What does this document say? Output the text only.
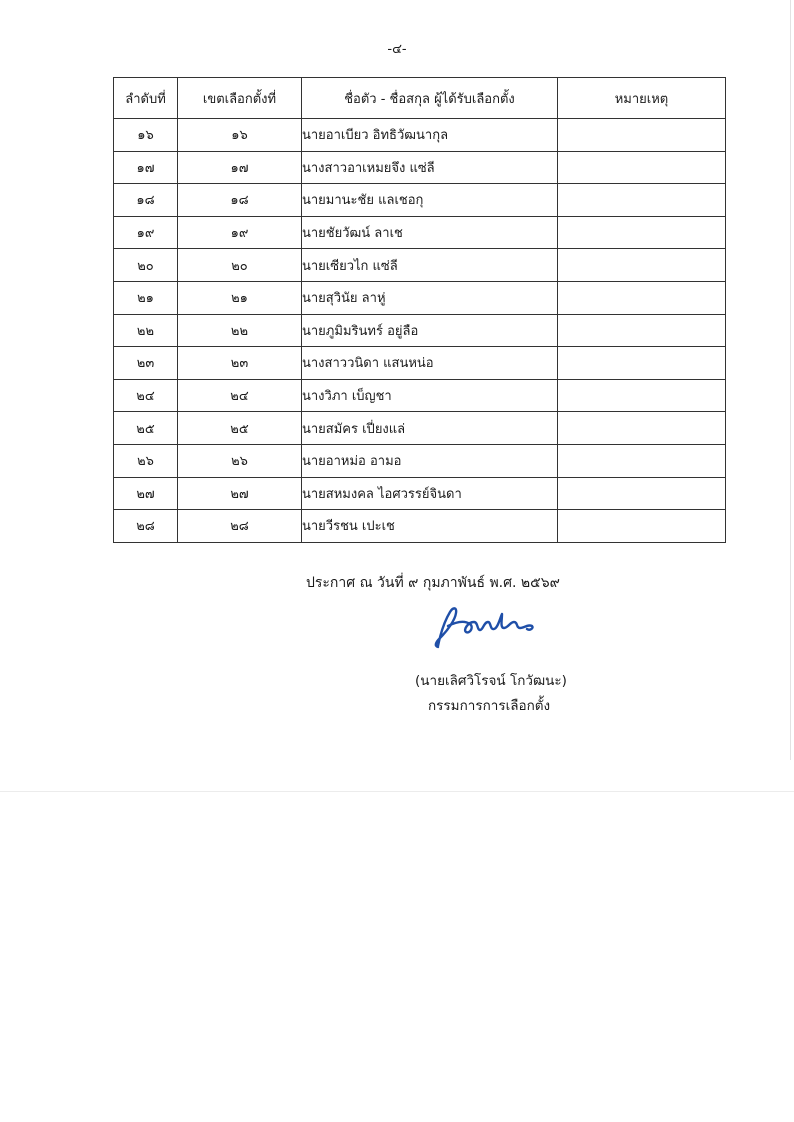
-๔-
ลำดับที่	เขตเลือกตั้งที่	ชื่อตัว - ชื่อสกุล ผู้ได้รับเลือกตั้ง	หมายเหตุ
๑๖	๑๖	นายอาเบียว อิทธิวัฒนากุล	
๑๗	๑๗	นางสาวอาเหมยจึง แซ่ลี	
๑๘	๑๘	นายมานะชัย แลเชอกุ	
๑๙	๑๙	นายชัยวัฒน์ ลาเช	
๒๐	๒๐	นายเซียวไก แซ่ลี	
๒๑	๒๑	นายสุวินัย ลาหู่	
๒๒	๒๒	นายภูมิมรินทร์ อยู่ลือ	
๒๓	๒๓	นางสาววนิดา แสนหน่อ	
๒๔	๒๔	นางวิภา เบ็ญชา	
๒๕	๒๕	นายสมัคร เปี่ยงแล่	
๒๖	๒๖	นายอาหม่อ อามอ	
๒๗	๒๗	นายสหมงคล ไอศวรรย์จินดา	
๒๘	๒๘	นายวีรชน เปะเช	
ประกาศ ณ วันที่ ๙ กุมภาพันธ์ พ.ศ. ๒๕๖๙
(นายเลิศวิโรจน์ โกวัฒนะ)
กรรมการการเลือกตั้ง
